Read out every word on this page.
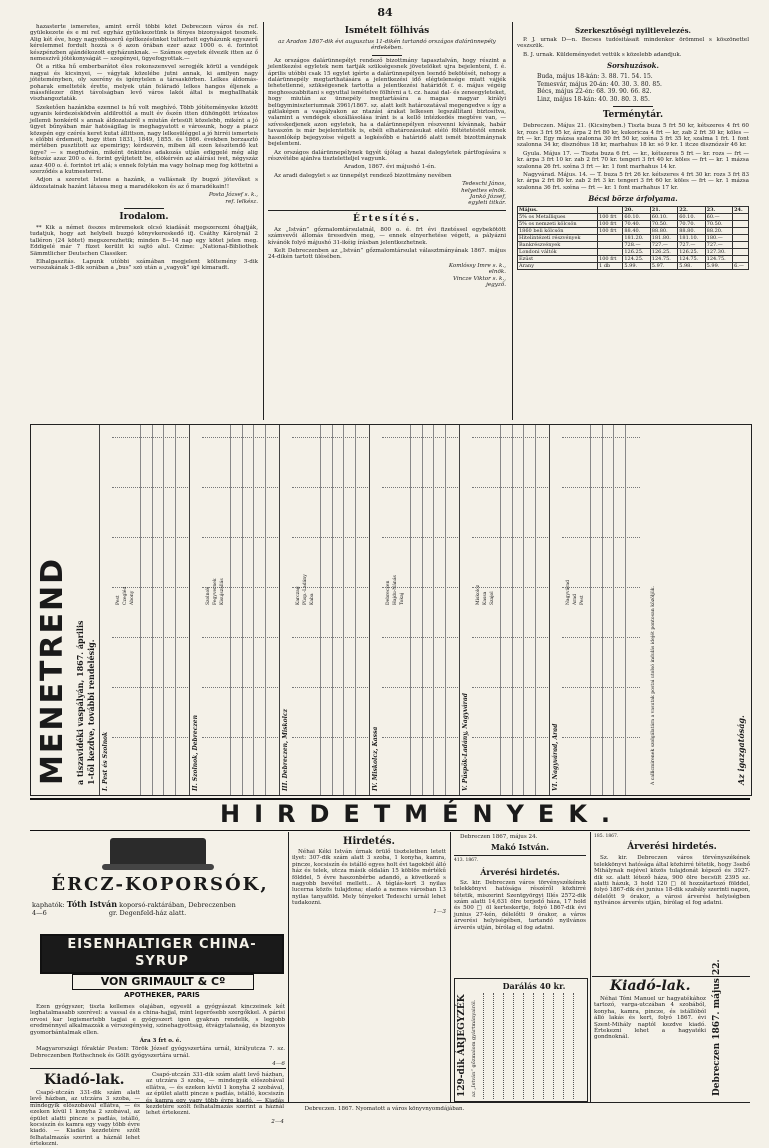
84

hazasterte ismeretes, amint erről többi közt Debreczen város és ref. gyülekezete és e mi ref. egyház gyülekezetünk is fényes bizonyságot tesznek. Alig két éve, hogy nagyobbszerű építkezésünket tulterhelt egyházunk egyszerű kérelemmel fordult hozzá s ő azon órában ezer azaz 1000 o. é. forintot készpénzben ajándékozott egyházunknak. — Számos egyetek élvezik itten az ő nemeszivű jótékonyságát — szegényei, ügyefogyottak.—

Öt a ritka hű emberbarátot éles rokonszenvvel seregjék körül a vendégek nagyai és kicsinyei, — vágytak közelébe jutni annak, ki amilyen nagy jótéteményben, oly szerény és igénytelen a társaskörben. Lelkes áldomás-poharak emelteték érette, melyek után feláradó lelkes hangos éljenek a mássfélezer ölnyi távolságban levő város lakói által is meghallhaták viszhangoztaták.

Szeketően hazánkba ezennel is hű volt meghívó. Több jótéteményeke között ugyanis kérdezésködvén aldilrottól a mult év őszén itten dühöngött irtózatos jellemü honkéröl s annak áldozatairól s miután értesült közelebb, miként a jó ügyet bűnyában már hatóságilag is meghagyatott e városunk, hogy a piacz közepén egy czérés keret kutat állittson, nagy lelkesüléggel a jó hirréi ismerteis s előbbi érdemeit, hogy itten 1831, 1849, 1855. és 1866. években borzasztó mértében pusztított az epemirigy; kérdezvén, miben áll ezen készítendő kut ügye? — s megtudván, miként önkintes adakozás utján ediggelé még alig kétszáz azaz 200 o. é. forint gyűjtetett be, elökérvén az aláírási ivet, négyszáz azaz 400 o. é. forintot irt alá; s ennek folytán ma vagy holnap meg fog köttetni a szerződés a kutmesterrel.

Adjon a szeretet Istene a hazánk, a vallásnak ily bugzó jótevőket s áldozatainak hazánt látassa meg a maradékokon és az ő maradékain!!

Posta József s. k.,
ref. lelkész.
Irodalom.

** Kik a német összes müremekek olcsó kiadását megszerezni óhajtják, tudatjuk, hogy azt helybeli buzgó könyvkereskedő ifj. Csáthy Károlynál 2 talléron (24 kötet) megszerezhetik; minden 8—14 nap egy kötet jelen meg. Eddigelé már 7 füzet kerülit ki sajtó alul. Czime: „National-Bibliothek Sämmtlicher Deutschen Classiker.

Elhalgaszitás. Lapunk utóbbi számában megjelent költemény 3-dik versszakának 3-dik sorában a „bus” szó után a „vagyok” igé kimaradt.

Ismételt fölhivás
az Aradon 1867-dik évi augusztus 11-dikén tartandó országos dalárünnepély érdekében.

Az országos dalárünnepélyt rendező bizottmány tapasztalván, hogy részint a jelentkezési egyletek nem tartják szükségesnek jövetelöket ujra bejelenteni, f. é. április utóbbi csak 15 egylet igérte a dalárünnepélyen leendő bekötését, nehogy a dalárünnepély megtarthatására a jelentkezési idő elégtelensége miatt vájjék lehetetlenné, szükségesnek tartotta a jelentkezési határidőt f. é. május végéig meghosszabbitani s egyuttal ismételve fölhívni a t. cz. hazai dal- és zeneegyleteket, hogy miután az ünnepély megtartására a magas magyar királyi belügyminiszteriumnak 3961/1867. sz. alatt kelt határozatával megengedve s így a gátlaképen a vasgályakon az ntazási árakat lelkesen legszállítani biztosítva, valamint a vendégek elszállásolása iránt is a kellő intézkedés megtéve van, — szíveskedjenek azon egyletek, ha a dalárünnepélyen részvenni kívánnak, habár tavaszón is már bejelentették is, ebéli elhatározásukat eléló föltétetéstől ennek hasonlókép bejegyzése végett a legkésőbb e határidő alatt ismét bizottmánynak bejelenteni.

Az országos dalárünnepélynek ügyét újólag a hazai dalegyletek pártfogására s részvétébe ajánlva tiszteletteljel vagyunk.

Aradon, 1867. évi májushó 1-én.

Az aradi dalegylet s az ünnepélyt rendező bizottmány nevében

Tedeschi János,
helyettes elnök.
Jankó József,
egyleti titkár.
Értesítés.

Az „István” gőzmalomtársulatnál, 800 o. é. frt évi fizetéssel egybekötött számvevői állomás üresedvén meg, — ennek elnyerhetése végett, a pályázni kívánók folyó májushó 31-ikéig írásban jelentkezhetnek.

Kelt Debreczenben az „István” gőzmalomtársulat választmányának 1867. május 24-dikén tartott ülésében.

Komlóssy Imre s. k.,
elnök.
Vincze Viktor s. k.,
jegyző.
Szerkesztőségi nyiltlevelezés.

P. J. urnak D—n. Becses tudósitásait mindenkor örömmel s köszönettel veszszük.

B. J. urnak. Küldeményedet vettük s közelebb adandjuk.

Sorshuzások.
Buda, május 18-kán: 3. 88. 71. 54. 15.
Temesvár, május 20-án: 40. 30. 3. 80. 85.
Bécs, május 22-én: 68. 39. 90. 66. 82.
Linz, május 18-kán: 40. 30. 80. 3. 85.
Terménytár.

Debreczen. Május 21. (Kicsinyben.) Tiszta buza 5 frt 50 kr, kétszeres 4 frt 60 kr, rozs 3 frt 95 kr, árpa 2 frt 80 kr, kukoricza 4 frt — kr, zab 2 frt 30 kr, köles — frt — kr. Egy mázsa szalonna 30 frt 50 kr, széna 3 frt 35 kr, szalma 1 frt. 1 font szalonna 34 kr, disznóhus 18 kr, marhahus 18 kr. só 9 kr. 1 itcze disznózsír 46 kr.

Gyula. Május 17. — Tiszta buza 6 frt. — kr., kétszeres 5 frt — kr. rozs — frt — kr. árpa 3 frt 10 kr. zab 2 frt 70 kr. tengeri 3 frt 40 kr. köles — frt — kr. 1 mázsa szalonna 26 frt. széna 3 frt — kr. 1 font marhahus 14 kr.

Nagyvárad. Május. 14. — T. buza 5 frt 26 kr. kétszeres 4 frt 30 kr. rozs 3 frt 83 kr. árpa 2 frt 80 kr. zab 2 frt 3 kr. tengeri 3 frt 60 kr. köles — frt — kr. 1 mázsa szalonna 36 frt. széna — frt — kr. 1 font marhahus 17 kr.

Bécsi börze árfolyama.
Május.		20.	21.	22.	23.	24.
5% os Metalliques	100 frt	60.10.	60.10.	60.10.	60.—	
5% os nemzeti kölcsön	100 frt	70.40.	70.50.	70.70.	70.50.	
1860 beli kölcsön	100 frt	88.40.	88.80.	88.80.	88.20.	
Hitelintézeti részvények		181.20.	181.80.	181.10.	180.—	
Bankrészvények		728.—	727.—	727.—	727.—	
Londoni váltók		126.25.	126.25.	126.25.	127.30.	
Ezüst	100 frt	124.25.	124.75.	124.75.	124.75.	
Arany	1 db	5.99.	5.97.	5.98.	5.99.	6.—
MENETREND a tiszavidéki vaspályán, 1867. április 1-től kezdve, további rendelésig. I. Pest és Szolnok
Pest Czegléd Abony
II. Szolnok, Debreczen
Szolnok Fegyvernek Kisujszállás
III. Debreczen, Miskolcz
Karczag Püsp.-Ladány Kaba
IV. Miskolcz, Kassa
Debreczen Hajdu-Nánás Tokaj
V. Püspök-Ladány, Nagyvárad
Miskolcz Kassa Szajol
VI. Nagyvárad, Arad
Nagyvárad Arad Pest	A callicmirenek szolgálatára a vasutak postai utolsó indulás idejét pontosan közöljük.	Az igazgatóság.
HIRDETMÉNYEK.
ÉRCZ-KOPORSÓK,
kaphatók: Tóth István koporsó-raktárában, Debreczenben
4—6	gr. Degenfeld-ház alatt.
EISENHALTIGER CHINA-SYRUP
VON GRIMAULT & Cº
APOTHEKER, PARIS

Ezen gyógyszer, tiszta kellemes olajában, egyesül a gyógyászat kinczeinek két leghatalmasabb szerével: a vassal és a china-hajjal, mint legerősebb szergőkkel. A párisi orvosi kar legismertebb tagjai e gyógyszert igen gyakran rendelik, s legjobb eredménnyel alkalmazzák a vérszegénység, szinehagyottság, étvágytalanság, és bizonyos gyomorbántalmak ellen.

Ára 3 frt o. é.

Magyarországi főraktár Pesten: Török József gyógyszertára urnál, királyutcza 7. sz. Debreczenben Rothschnek és Göllt gyógyszertára urnál.

4—6
Kiadó-lak.

Csapó-utczán 331-dik szám alatt levő házban, az utczára 3 szoba, — mindegyik előszobával ellátva, — és ezeken kívül 1 konyha 2 szobával, az épület alatti pincze s padlás, istálló, kocsiszín és kamra egy vagy több évre kiadó. — Kiadás kezdetére szólt felhatalmazás szerint a háznál lehet értekezni.

Csapó-utczán 331-dik szám alatt levő házban, az utczára 3 szoba, — mindegyik előszobával ellátva, — és ezeken kívül 1 konyha 2 szobával, az épület alatti pincze s padlás, istálló, kocsiszín és kamra egy vagy több évre kiadó. — Kiadás kezdetére szólt felhatalmazás szerint a háznál lehet értekezni.

2—4
Hirdetés.

Néhai Kéki István úrnak örülő tiszteletben letett ilyet: 307-dik szám alatt 3 szoba, 1 konyha, kamra, pincze, kocsiszín és istálló egyes holt évi tagokból álló ház és telek, utcza másik oldalán 15 köblös mértékű földdel, 5 évre haszonbérbe adandó, a következő s nagyobb bevétel mellett... A téglás-kert 3 nyilas lucerna közös tulajdona; eladó a nemes városban 13 nyilas tanyaföld. Mely tényeket Tedeschi urnál lehet tudakozni.

1—3

Debreczen 1867, május 24.

Makó István.
413. 1867.
Árverési hirdetés.

Sz. kir. Debreczen város törvényszékének telekkönyvi hatósága részéről közhirré tétetik, miszerint Szentgyörgyi Illés 2572-dik szám alatti 14,631 ölre terjedő háza, 17 hold és 500 □ öl kerteskertje, folyó 1867-dik évi junius 27-kén, délelőtti 9 órakor, a város árverési helyiségében, tartandó nyilvános árverés utján, bírólag el fog adatni.

185. 1867.
Árverési hirdetés.

Sz. kir. Debreczen város törvényszékének telekkönyvi hatósága által közhirré tétetik, hogy 3sebő Mihálynak nejével közös tulajdonát képező és 3927-dik sz. alatt létező háza, 900 ölre becsült 2395 sz. alatti házuk, 3 hold 120 □ öl hozzátartozó földdel, folyó 1867-dik évi junius 18-dik szabály szerinti napon, délelőtt 9 órakor, a városi árverési helyiségben nyilvános árverés utján, bírólag el fog adatni.

Kiadó-lak.

Néhai Tóni Manuel ur hagyatékához tartozó, varga-utczában 4 szobából, konyha, kamra, pincze, és istállóból álló lakás és kert, folyó 1867. évi Szent-Mihály naptól kezdve kiadó. Értekezni lehet a hagyatéki gondnoknál.	Debreczen 1867. május 22.
129-dik ÁRJEGYZÉK az „István” gőzmalom gyártmányairól.
Darálás 40 kr.
Debreczen. 1867. Nyomatott a város könyvnyomdájában.
